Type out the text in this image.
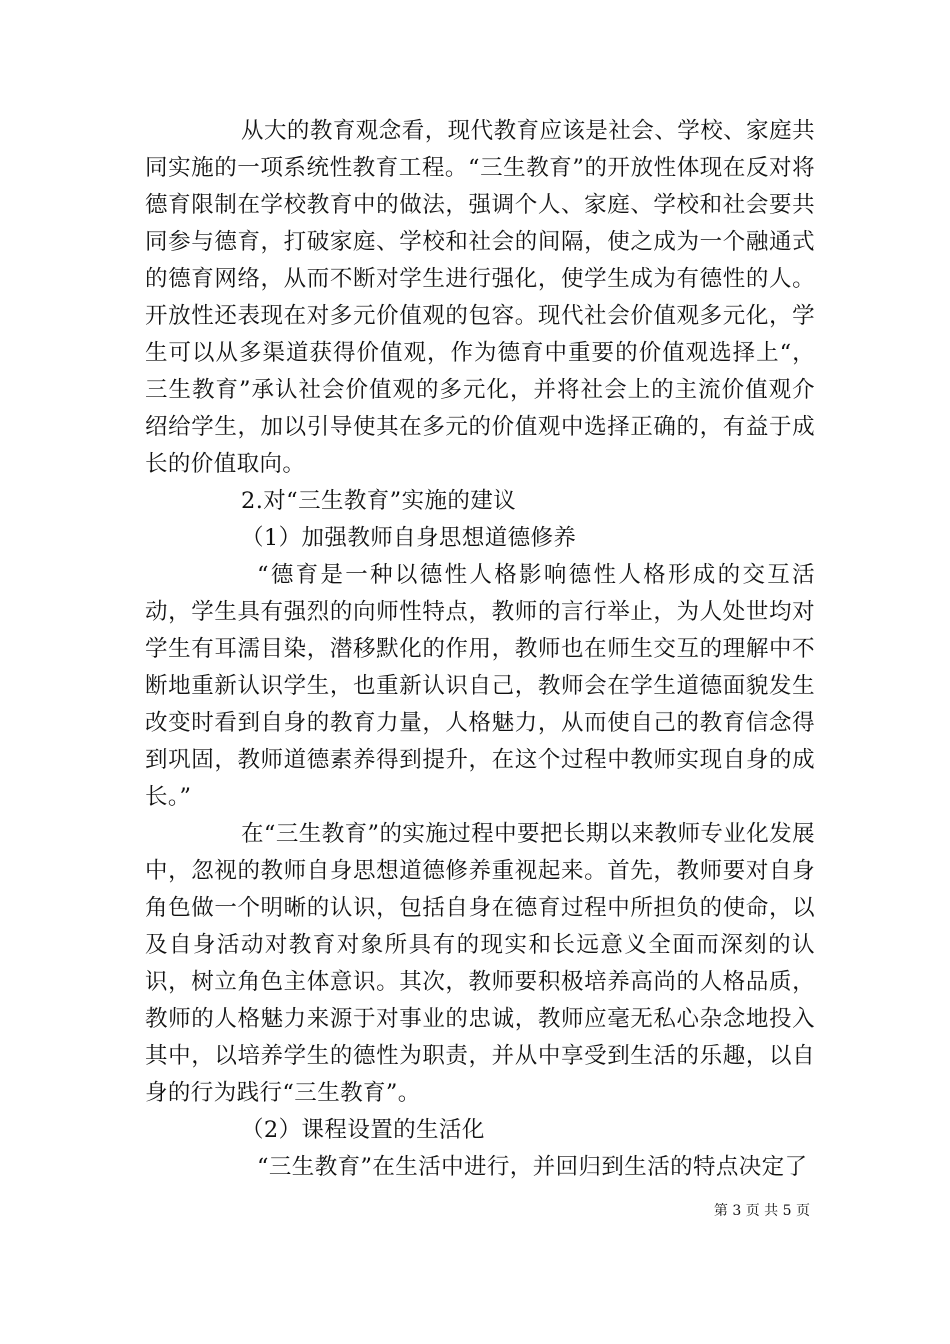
从大的教育观念看，现代教育应该是社会、学校、家庭共同实施的一项系统性教育工程。“三生教育”的开放性体现在反对将德育限制在学校教育中的做法，强调个人、家庭、学校和社会要共同参与德育，打破家庭、学校和社会的间隔，使之成为一个融通式的德育网络，从而不断对学生进行强化，使学生成为有德性的人。开放性还表现在对多元价值观的包容。现代社会价值观多元化，学生可以从多渠道获得价值观，作为德育中重要的价值观选择上“，三生教育”承认社会价值观的多元化，并将社会上的主流价值观介绍给学生，加以引导使其在多元的价值观中选择正确的，有益于成长的价值取向。

2.对“三生教育”实施的建议

（1）加强教师自身思想道德修养

“德育是一种以德性人格影响德性人格形成的交互活动，学生具有强烈的向师性特点，教师的言行举止，为人处世均对学生有耳濡目染，潜移默化的作用，教师也在师生交互的理解中不断地重新认识学生，也重新认识自己，教师会在学生道德面貌发生改变时看到自身的教育力量，人格魅力，从而使自己的教育信念得到巩固，教师道德素养得到提升，在这个过程中教师实现自身的成长。”

在“三生教育”的实施过程中要把长期以来教师专业化发展中，忽视的教师自身思想道德修养重视起来。首先，教师要对自身角色做一个明晰的认识，包括自身在德育过程中所担负的使命，以及自身活动对教育对象所具有的现实和长远意义全面而深刻的认识，树立角色主体意识。其次，教师要积极培养高尚的人格品质，教师的人格魅力来源于对事业的忠诚，教师应毫无私心杂念地投入其中，以培养学生的德性为职责，并从中享受到生活的乐趣，以自身的行为践行“三生教育”。

（2）课程设置的生活化

“三生教育”在生活中进行，并回归到生活的特点决定了

第 3 页 共 5 页
